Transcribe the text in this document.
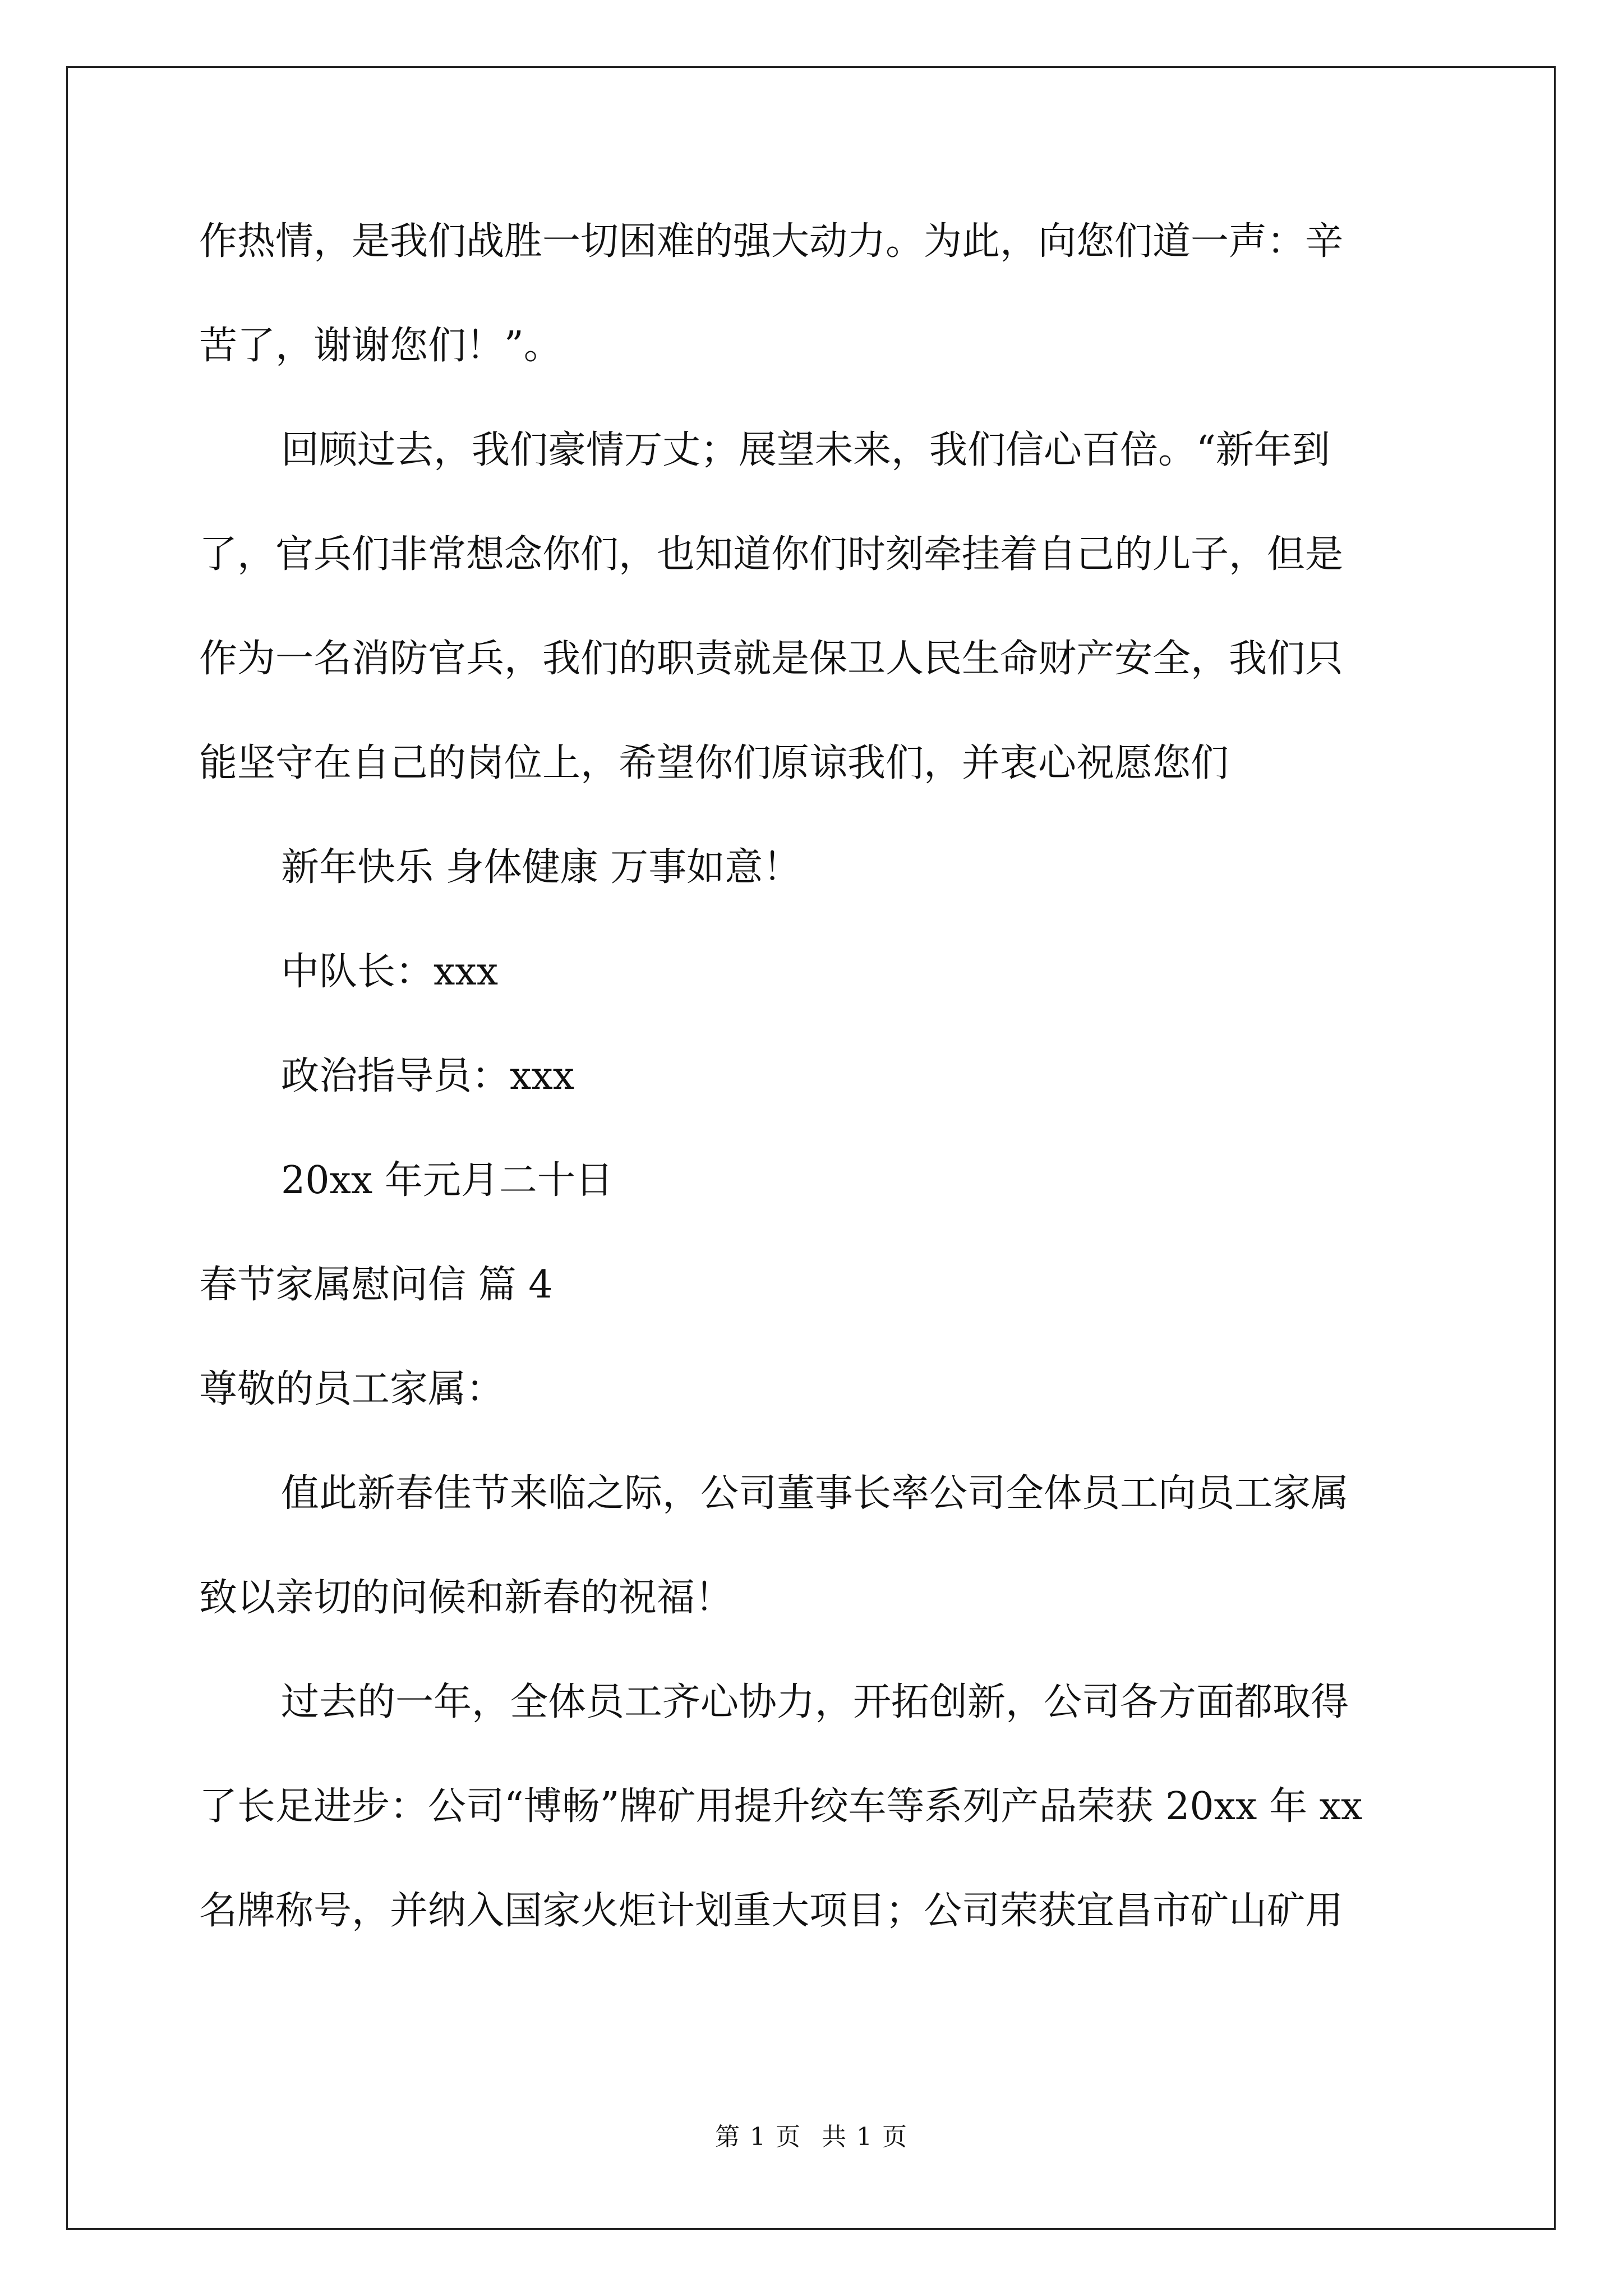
作热情，是我们战胜一切困难的强大动力。为此，向您们道一声：辛

苦了，谢谢您们！”。

回顾过去，我们豪情万丈；展望未来，我们信心百倍。“新年到

了，官兵们非常想念你们，也知道你们时刻牵挂着自己的儿子，但是

作为一名消防官兵，我们的职责就是保卫人民生命财产安全，我们只

能坚守在自己的岗位上，希望你们原谅我们，并衷心祝愿您们

新年快乐 身体健康 万事如意！

中队长：xxx

政治指导员：xxx

20xx 年元月二十日

春节家属慰问信 篇 4

尊敬的员工家属：

值此新春佳节来临之际，公司董事长率公司全体员工向员工家属

致以亲切的问候和新春的祝福！

过去的一年，全体员工齐心协力，开拓创新，公司各方面都取得

了长足进步：公司“博畅”牌矿用提升绞车等系列产品荣获 20xx 年 xx

名牌称号，并纳入国家火炬计划重大项目；公司荣获宜昌市矿山矿用

第 1 页 共 1 页
